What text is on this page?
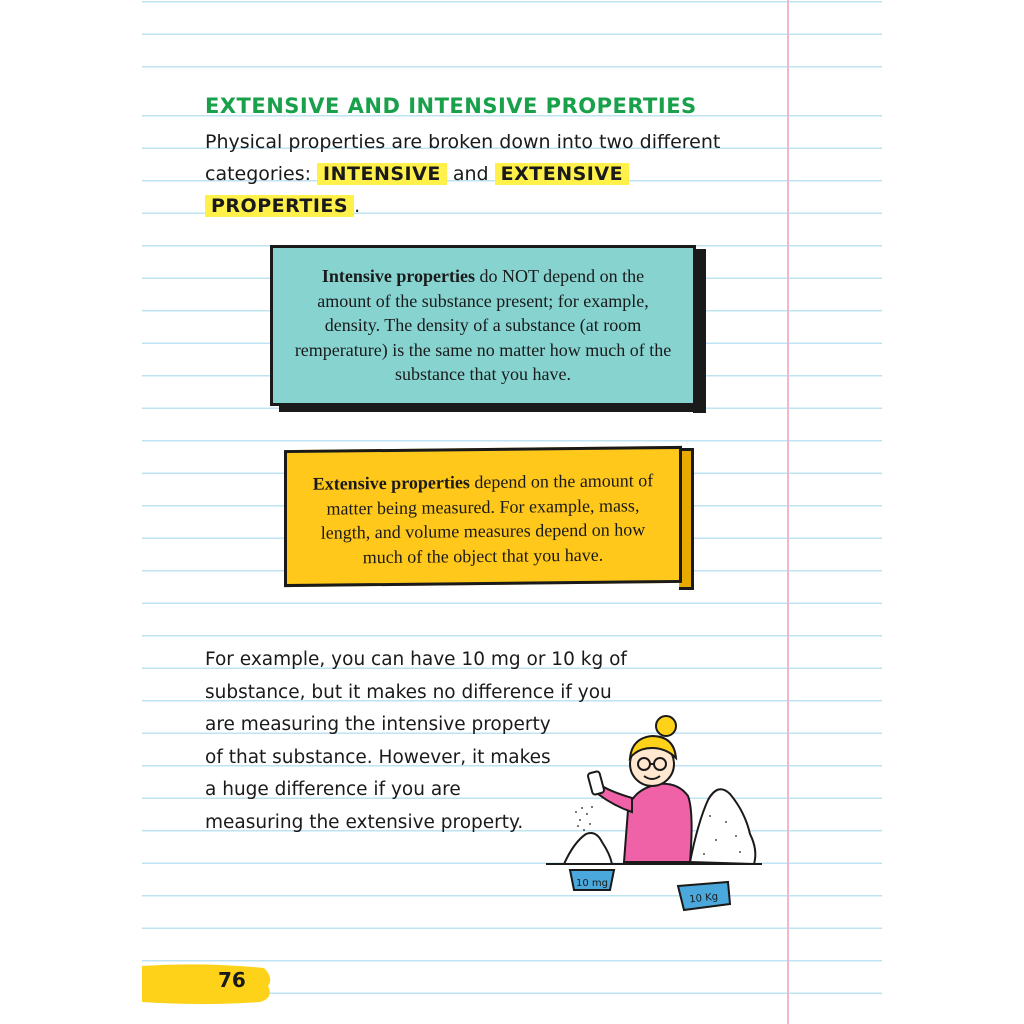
EXTENSIVE AND INTENSIVE PROPERTIES
Physical properties are broken down into two different
categories: INTENSIVE and EXTENSIVE
PROPERTIES .
Intensive properties do NOT depend on the amount of the substance present; for example, density. The density of a substance (at room remperature) is the same no matter how much of the substance that you have.
Extensive properties depend on the amount of matter being measured. For example, mass, length, and volume measures depend on how much of the object that you have.
For example, you can have 10 mg or 10 kg of
substance, but it makes no difference if you
are measuring the intensive property
of that substance. However, it makes
a huge difference if you are
measuring the extensive property.
10 mg
10 Kg
76
